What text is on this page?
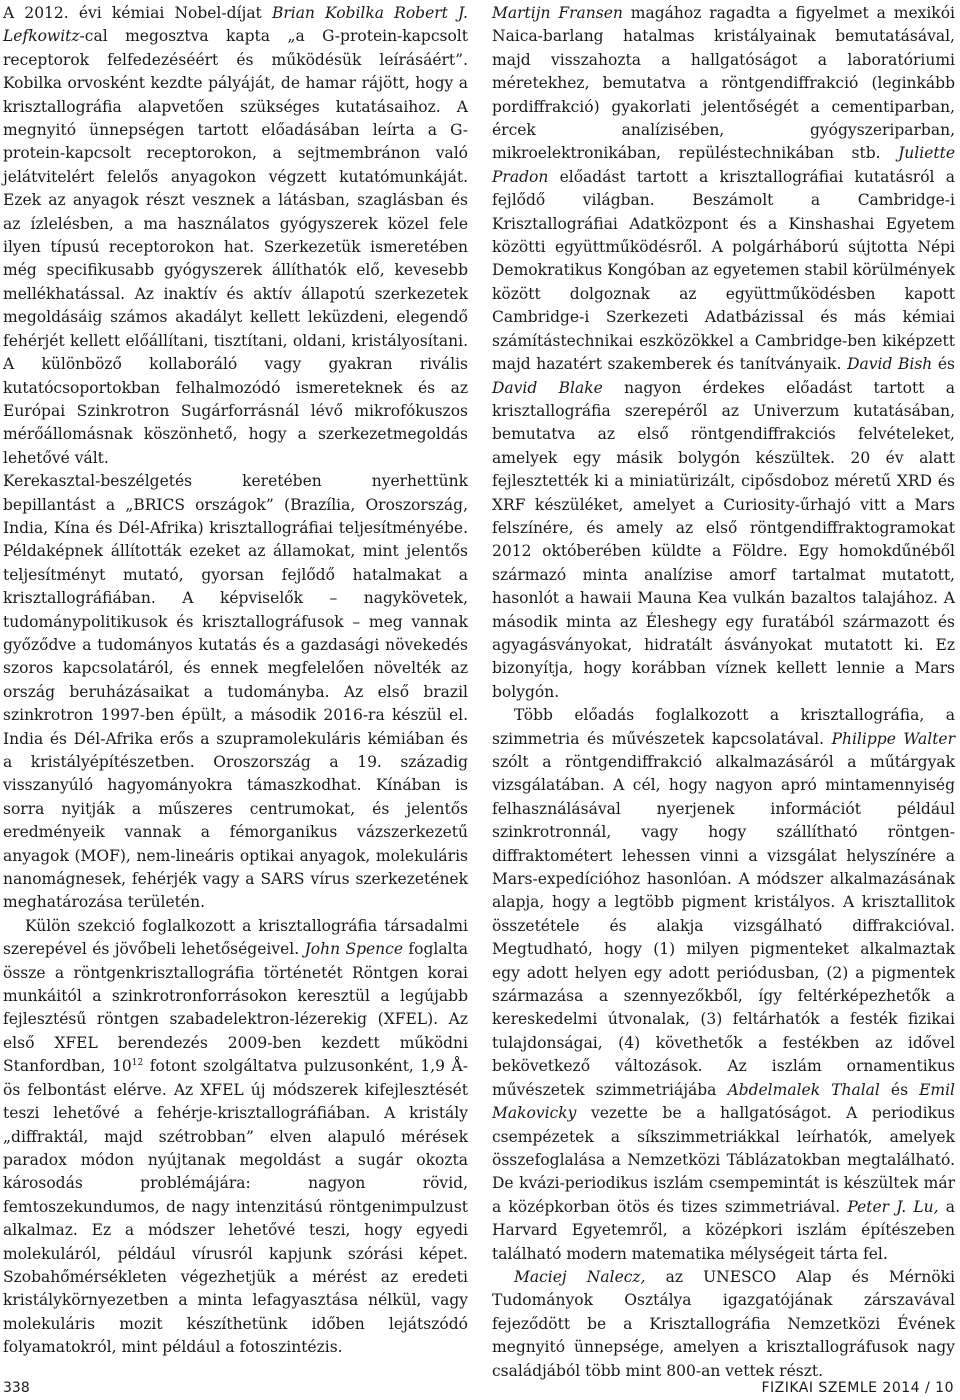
A 2012. évi kémiai Nobel-díjat Brian Kobilka Robert J. Lefkowitz-cal megosztva kapta „a G-protein-kapcsolt receptorok felfedezéséért és működésük leírásáért”. Kobilka orvosként kezdte pályáját, de hamar rájött, hogy a krisztallográfia alapvetően szükséges kutatásaihoz. A megnyitó ünnepségen tartott előadásában leírta a G-protein-kapcsolt receptorokon, a sejtmembránon való jelátvitelért felelős anyagokon végzett kutatómunkáját. Ezek az anyagok részt vesznek a látásban, szaglásban és az ízlelésben, a ma használatos gyógyszerek közel fele ilyen típusú receptorokon hat. Szerkezetük ismeretében még specifikusabb gyógyszerek állíthatók elő, kevesebb mellékhatással. Az inaktív és aktív állapotú szerkezetek megoldásáig számos akadályt kellett leküzdeni, elegendő fehérjét kellett előállítani, tisztítani, oldani, kristályosítani. A különböző kollaboráló vagy gyakran rivális kutatócsoportokban felhalmozódó ismereteknek és az Európai Szinkrotron Sugárforrásnál lévő mikrofókuszos mérőállomásnak köszönhető, hogy a szerkezetmegoldás lehetővé vált.

Kerekasztal-beszélgetés keretében nyerhettünk bepillantást a „BRICS országok” (Brazília, Oroszország, India, Kína és Dél-Afrika) krisztallográfiai teljesítményébe. Példaképnek állították ezeket az államokat, mint jelentős teljesítményt mutató, gyorsan fejlődő hatalmakat a krisztallográfiában. A képviselők – nagykövetek, tudománypolitikusok és krisztallográfusok – meg vannak győződve a tudományos kutatás és a gazdasági növekedés szoros kapcsolatáról, és ennek megfelelően növelték az ország beruházásaikat a tudományba. Az első brazil szinkrotron 1997-ben épült, a második 2016-ra készül el. India és Dél-Afrika erős a szupramolekuláris kémiában és a kristályépítészetben. Oroszország a 19. századig visszanyúló hagyományokra támaszkodhat. Kínában is sorra nyitják a műszeres centrumokat, és jelentős eredményeik vannak a fémorganikus vázszerkezetű anyagok (MOF), nem-lineáris optikai anyagok, molekuláris nanomágnesek, fehérjék vagy a SARS vírus szerkezetének meghatározása területén.

Külön szekció foglalkozott a krisztallográfia társadalmi szerepével és jövőbeli lehetőségeivel. John Spence foglalta össze a röntgenkrisztallográfia történetét Röntgen korai munkáitól a szinkrotronforrásokon keresztül a legújabb fejlesztésű röntgen szabadelektron-lézerekig (XFEL). Az első XFEL berendezés 2009-ben kezdett működni Stanfordban, $10^{12}$ fotont szolgáltatva pulzusonként, 1,9 Å-ös felbontást elérve. Az XFEL új módszerek kifejlesztését teszi lehetővé a fehérje-krisztallográfiában. A kristály „diffraktál, majd szétrobban” elven alapuló mérések paradox módon nyújtanak megoldást a sugár okozta károsodás problémájára: nagyon rövid, femtoszekundumos, de nagy intenzitású röntgenimpulzust alkalmaz. Ez a módszer lehetővé teszi, hogy egyedi molekuláról, például vírusról kapjunk szórási képet. Szobahőmérsékleten végezhetjük a mérést az eredeti kristálykörnyezetben a minta lefagyasztása nélkül, vagy molekuláris mozit készíthetünk időben lejátszódó folyamatokról, mint például a fotoszintézis.

Martijn Fransen magához ragadta a figyelmet a mexikói Naica-barlang hatalmas kristályainak bemutatásával, majd visszahozta a hallgatóságot a laboratóriumi méretekhez, bemutatva a röntgendiffrakció (leginkább pordiffrakció) gyakorlati jelentőségét a cementiparban, ércek analízisében, gyógyszeriparban, mikroelektronikában, repüléstechnikában stb. Juliette Pradon előadást tartott a krisztallográfiai kutatásról a fejlődő világban. Beszámolt a Cambridge-i Krisztallográfiai Adatközpont és a Kinshashai Egyetem közötti együttműködésről. A polgárháború sújtotta Népi Demokratikus Kongóban az egyetemen stabil körülmények között dolgoznak az együttműködésben kapott Cambridge-i Szerkezeti Adatbázissal és más kémiai számítástechnikai eszközökkel a Cambridge-ben kiképzett majd hazatért szakemberek és tanítványaik. David Bish és David Blake nagyon érdekes előadást tartott a krisztallográfia szerepéről az Univerzum kutatásában, bemutatva az első röntgendiffrakciós felvételeket, amelyek egy másik bolygón készültek. 20 év alatt fejlesztették ki a miniatürizált, cipősdoboz méretű XRD és XRF készüléket, amelyet a Curiosity-űrhajó vitt a Mars felszínére, és amely az első röntgendiffraktogramokat 2012 októberében küldte a Földre. Egy homokdűnéből származó minta analízise amorf tartalmat mutatott, hasonlót a hawaii Mauna Kea vulkán bazaltos talajához. A második minta az Éleshegy egy furatából származott és agyagásványokat, hidratált ásványokat mutatott ki. Ez bizonyítja, hogy korábban víznek kellett lennie a Mars bolygón.

Több előadás foglalkozott a krisztallográfia, a szimmetria és művészetek kapcsolatával. Philippe Walter szólt a röntgendiffrakció alkalmazásáról a műtárgyak vizsgálatában. A cél, hogy nagyon apró mintamennyiség felhasználásával nyerjenek információt például szinkrotronnál, vagy hogy szállítható röntgen-diffraktométert lehessen vinni a vizsgálat helyszínére a Mars-expedícióhoz hasonlóan. A módszer alkalmazásának alapja, hogy a legtöbb pigment kristályos. A krisztallitok összetétele és alakja vizsgálható diffrakcióval. Megtudható, hogy (1) milyen pigmenteket alkalmaztak egy adott helyen egy adott periódusban, (2) a pigmentek származása a szennyezőkből, így feltérképezhetők a kereskedelmi útvonalak, (3) feltárhatók a festék fizikai tulajdonságai, (4) követhetők a festékben az idővel bekövetkező változások. Az iszlám ornamentikus művészetek szimmetriájába Abdelmalek Thalal és Emil Makovicky vezette be a hallgatóságot. A periodikus csempézetek a síkszimmetriákkal leírhatók, amelyek összefoglalása a Nemzetközi Táblázatokban megtalálható. De kvázi-periodikus iszlám csempemintát is készültek már a középkorban ötös és tizes szimmetriával. Peter J. Lu, a Harvard Egyetemről, a középkori iszlám építészeben található modern matematika mélységeit tárta fel.

Maciej Nalecz, az UNESCO Alap és Mérnöki Tudományok Osztálya igazgatójának zárszavával fejeződött be a Krisztallográfia Nemzetközi Évének megnyitó ünnepsége, amelyen a krisztallográfusok nagy családjából több mint 800-an vettek részt.

338	FIZIKAI SZEMLE 2014 / 10
